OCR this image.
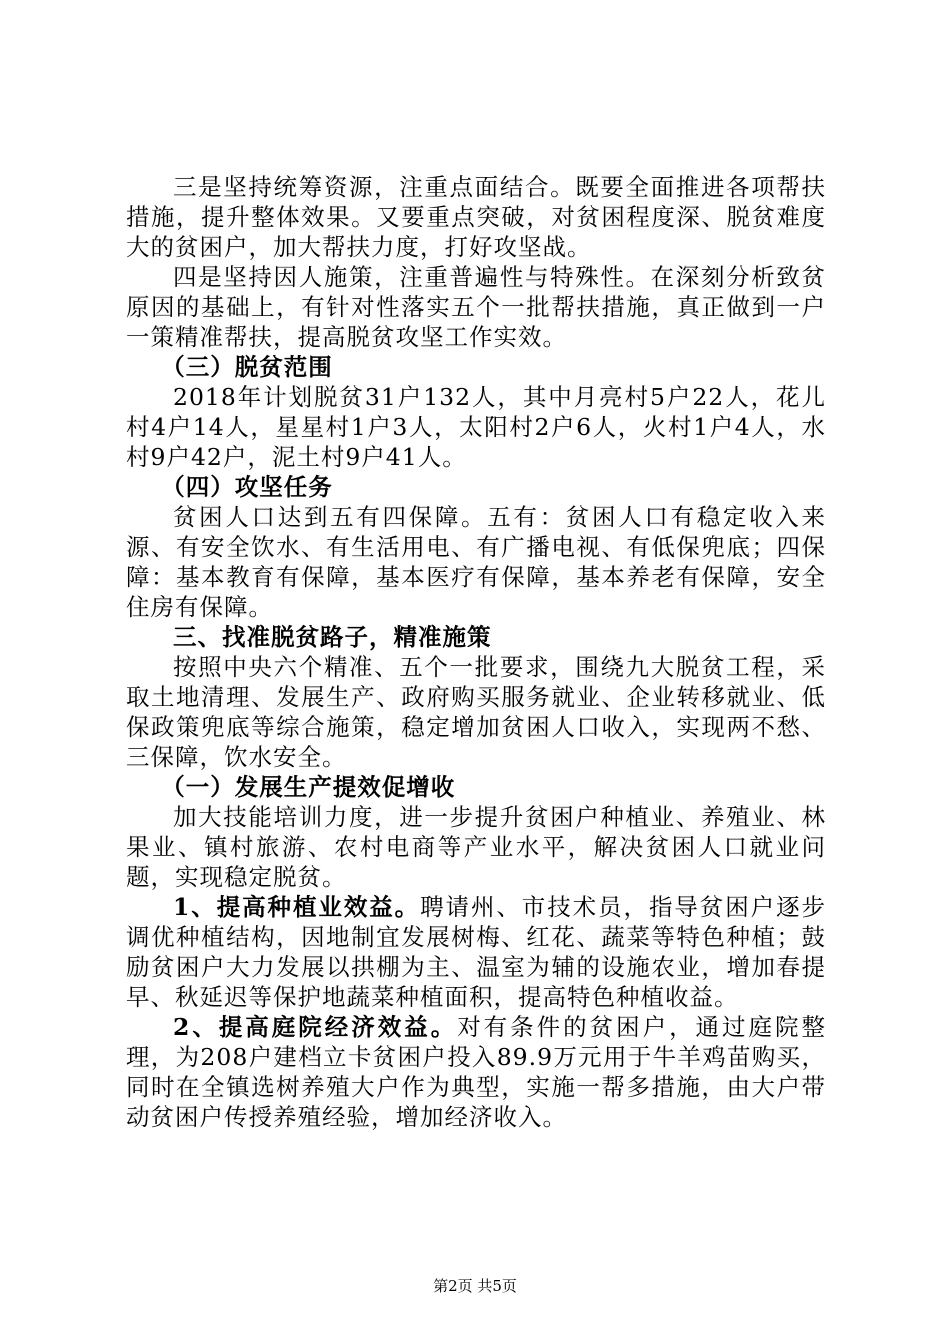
三是坚持统筹资源，注重点面结合。既要全面推进各项帮扶措施，提升整体效果。又要重点突破，对贫困程度深、脱贫难度大的贫困户，加大帮扶力度，打好攻坚战。

四是坚持因人施策，注重普遍性与特殊性。在深刻分析致贫原因的基础上，有针对性落实五个一批帮扶措施，真正做到一户一策精准帮扶，提高脱贫攻坚工作实效。

（三）脱贫范围

2018年计划脱贫31户132人，其中月亮村5户22人，花儿村4户14人，星星村1户3人，太阳村2户6人，火村1户4人，水村9户42户，泥土村9户41人。

（四）攻坚任务

贫困人口达到五有四保障。五有：贫困人口有稳定收入来源、有安全饮水、有生活用电、有广播电视、有低保兜底；四保障：基本教育有保障，基本医疗有保障，基本养老有保障，安全住房有保障。

三、找准脱贫路子，精准施策

按照中央六个精准、五个一批要求，围绕九大脱贫工程，采取土地清理、发展生产、政府购买服务就业、企业转移就业、低保政策兜底等综合施策，稳定增加贫困人口收入，实现两不愁、三保障，饮水安全。

（一）发展生产提效促增收

加大技能培训力度，进一步提升贫困户种植业、养殖业、林果业、镇村旅游、农村电商等产业水平，解决贫困人口就业问题，实现稳定脱贫。

1、提高种植业效益。聘请州、市技术员，指导贫困户逐步调优种植结构，因地制宜发展树梅、红花、蔬菜等特色种植；鼓励贫困户大力发展以拱棚为主、温室为辅的设施农业，增加春提早、秋延迟等保护地蔬菜种植面积，提高特色种植收益。

2、提高庭院经济效益。对有条件的贫困户，通过庭院整理，为208户建档立卡贫困户投入89.9万元用于牛羊鸡苗购买，同时在全镇选树养殖大户作为典型，实施一帮多措施，由大户带动贫困户传授养殖经验，增加经济收入。

第2页 共5页
